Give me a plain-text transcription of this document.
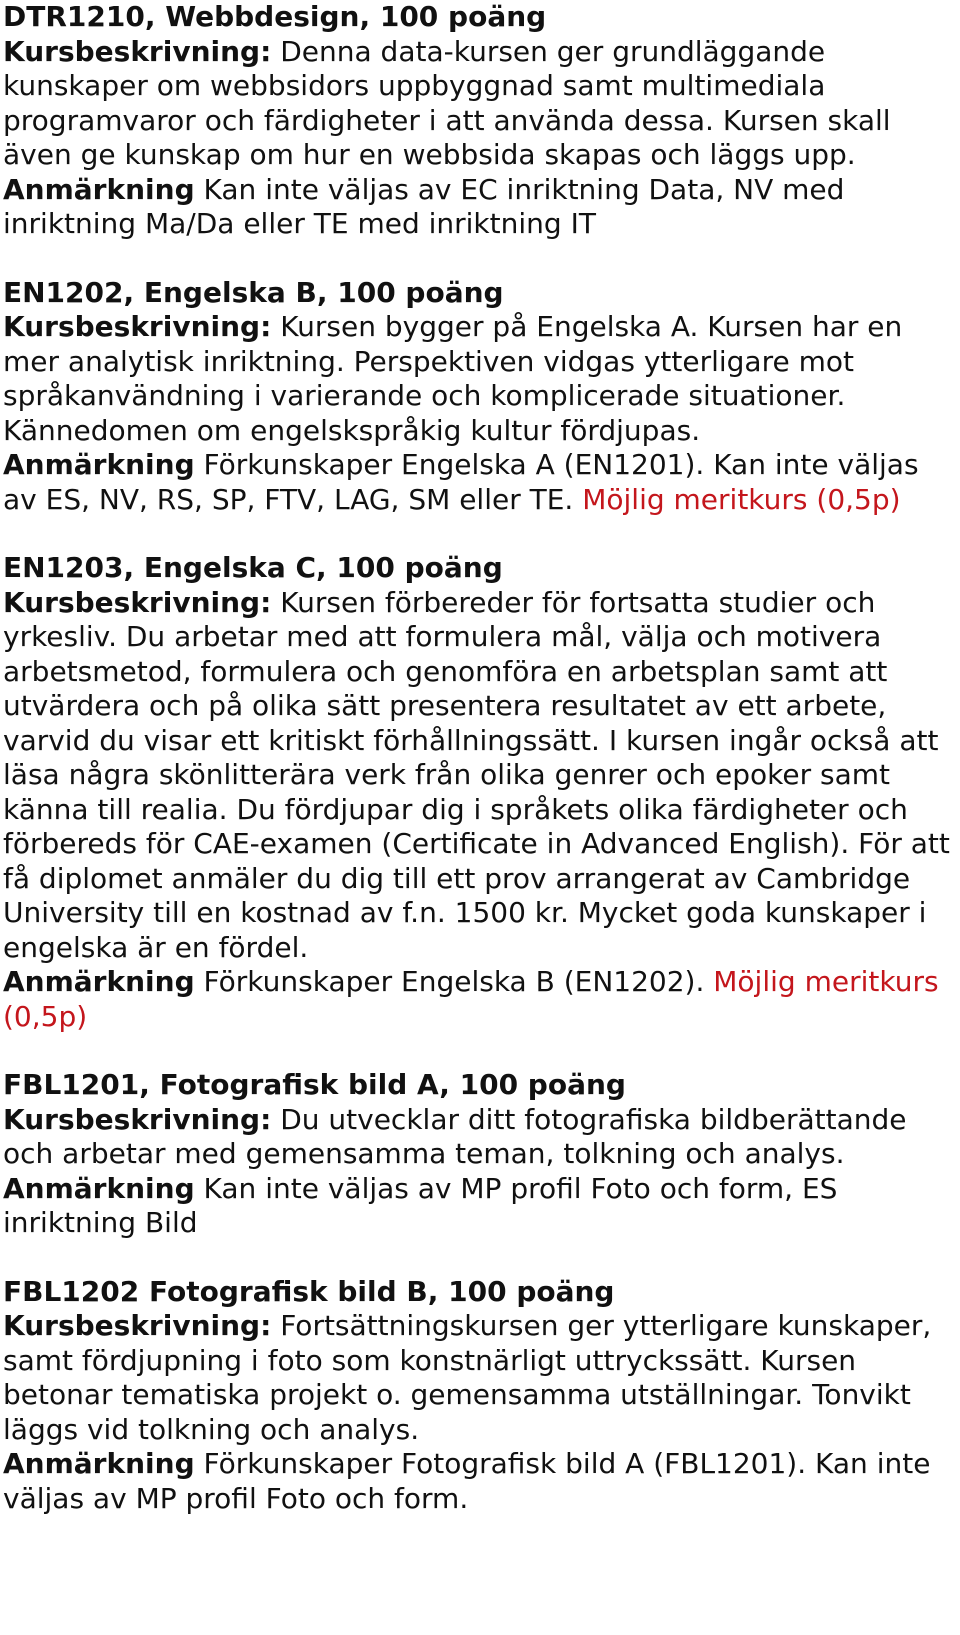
DTR1210, Webbdesign, 100 poäng

Kursbeskrivning: Denna data-kursen ger grundläggande kunskaper om webbsidors uppbyggnad samt multimediala programvaror och färdigheter i att använda dessa. Kursen skall även ge kunskap om hur en webbsida skapas och läggs upp.
Anmärkning Kan inte väljas av EC inriktning Data, NV med inriktning Ma/Da eller TE med inriktning IT

EN1202, Engelska B, 100 poäng

Kursbeskrivning: Kursen bygger på Engelska A. Kursen har en mer analytisk inriktning. Perspektiven vidgas ytterligare mot språkanvändning i varierande och komplicerade situationer. Kännedomen om engelskspråkig kultur fördjupas.
Anmärkning Förkunskaper Engelska A (EN1201). Kan inte väljas av ES, NV, RS, SP, FTV, LAG, SM eller TE. Möjlig meritkurs (0,5p)

EN1203, Engelska C, 100 poäng

Kursbeskrivning: Kursen förbereder för fortsatta studier och yrkesliv. Du arbetar med att formulera mål, välja och motivera arbetsmetod, formulera och genomföra en arbetsplan samt att utvärdera och på olika sätt presentera resultatet av ett arbete, varvid du visar ett kritiskt förhållningssätt. I kursen ingår också att läsa några skönlitterära verk från olika genrer och epoker samt känna till realia. Du fördjupar dig i språkets olika färdigheter och förbereds för CAE-examen (Certificate in Advanced English). För att få diplomet anmäler du dig till ett prov arrangerat av Cambridge University till en kostnad av f.n. 1500 kr. Mycket goda kunskaper i engelska är en fördel.
Anmärkning Förkunskaper Engelska B (EN1202). Möjlig meritkurs (0,5p)

FBL1201, Fotografisk bild A, 100 poäng

Kursbeskrivning: Du utvecklar ditt fotografiska bildberättande och arbetar med gemensamma teman, tolkning och analys.
Anmärkning Kan inte väljas av MP profil Foto och form, ES inriktning Bild

FBL1202 Fotografisk bild B, 100 poäng

Kursbeskrivning: Fortsättningskursen ger ytterligare kunskaper, samt fördjupning i foto som konstnärligt uttryckssätt. Kursen betonar tematiska projekt o. gemensamma utställningar. Tonvikt läggs vid tolkning och analys.
Anmärkning Förkunskaper Fotografisk bild A (FBL1201). Kan inte väljas av MP profil Foto och form.
